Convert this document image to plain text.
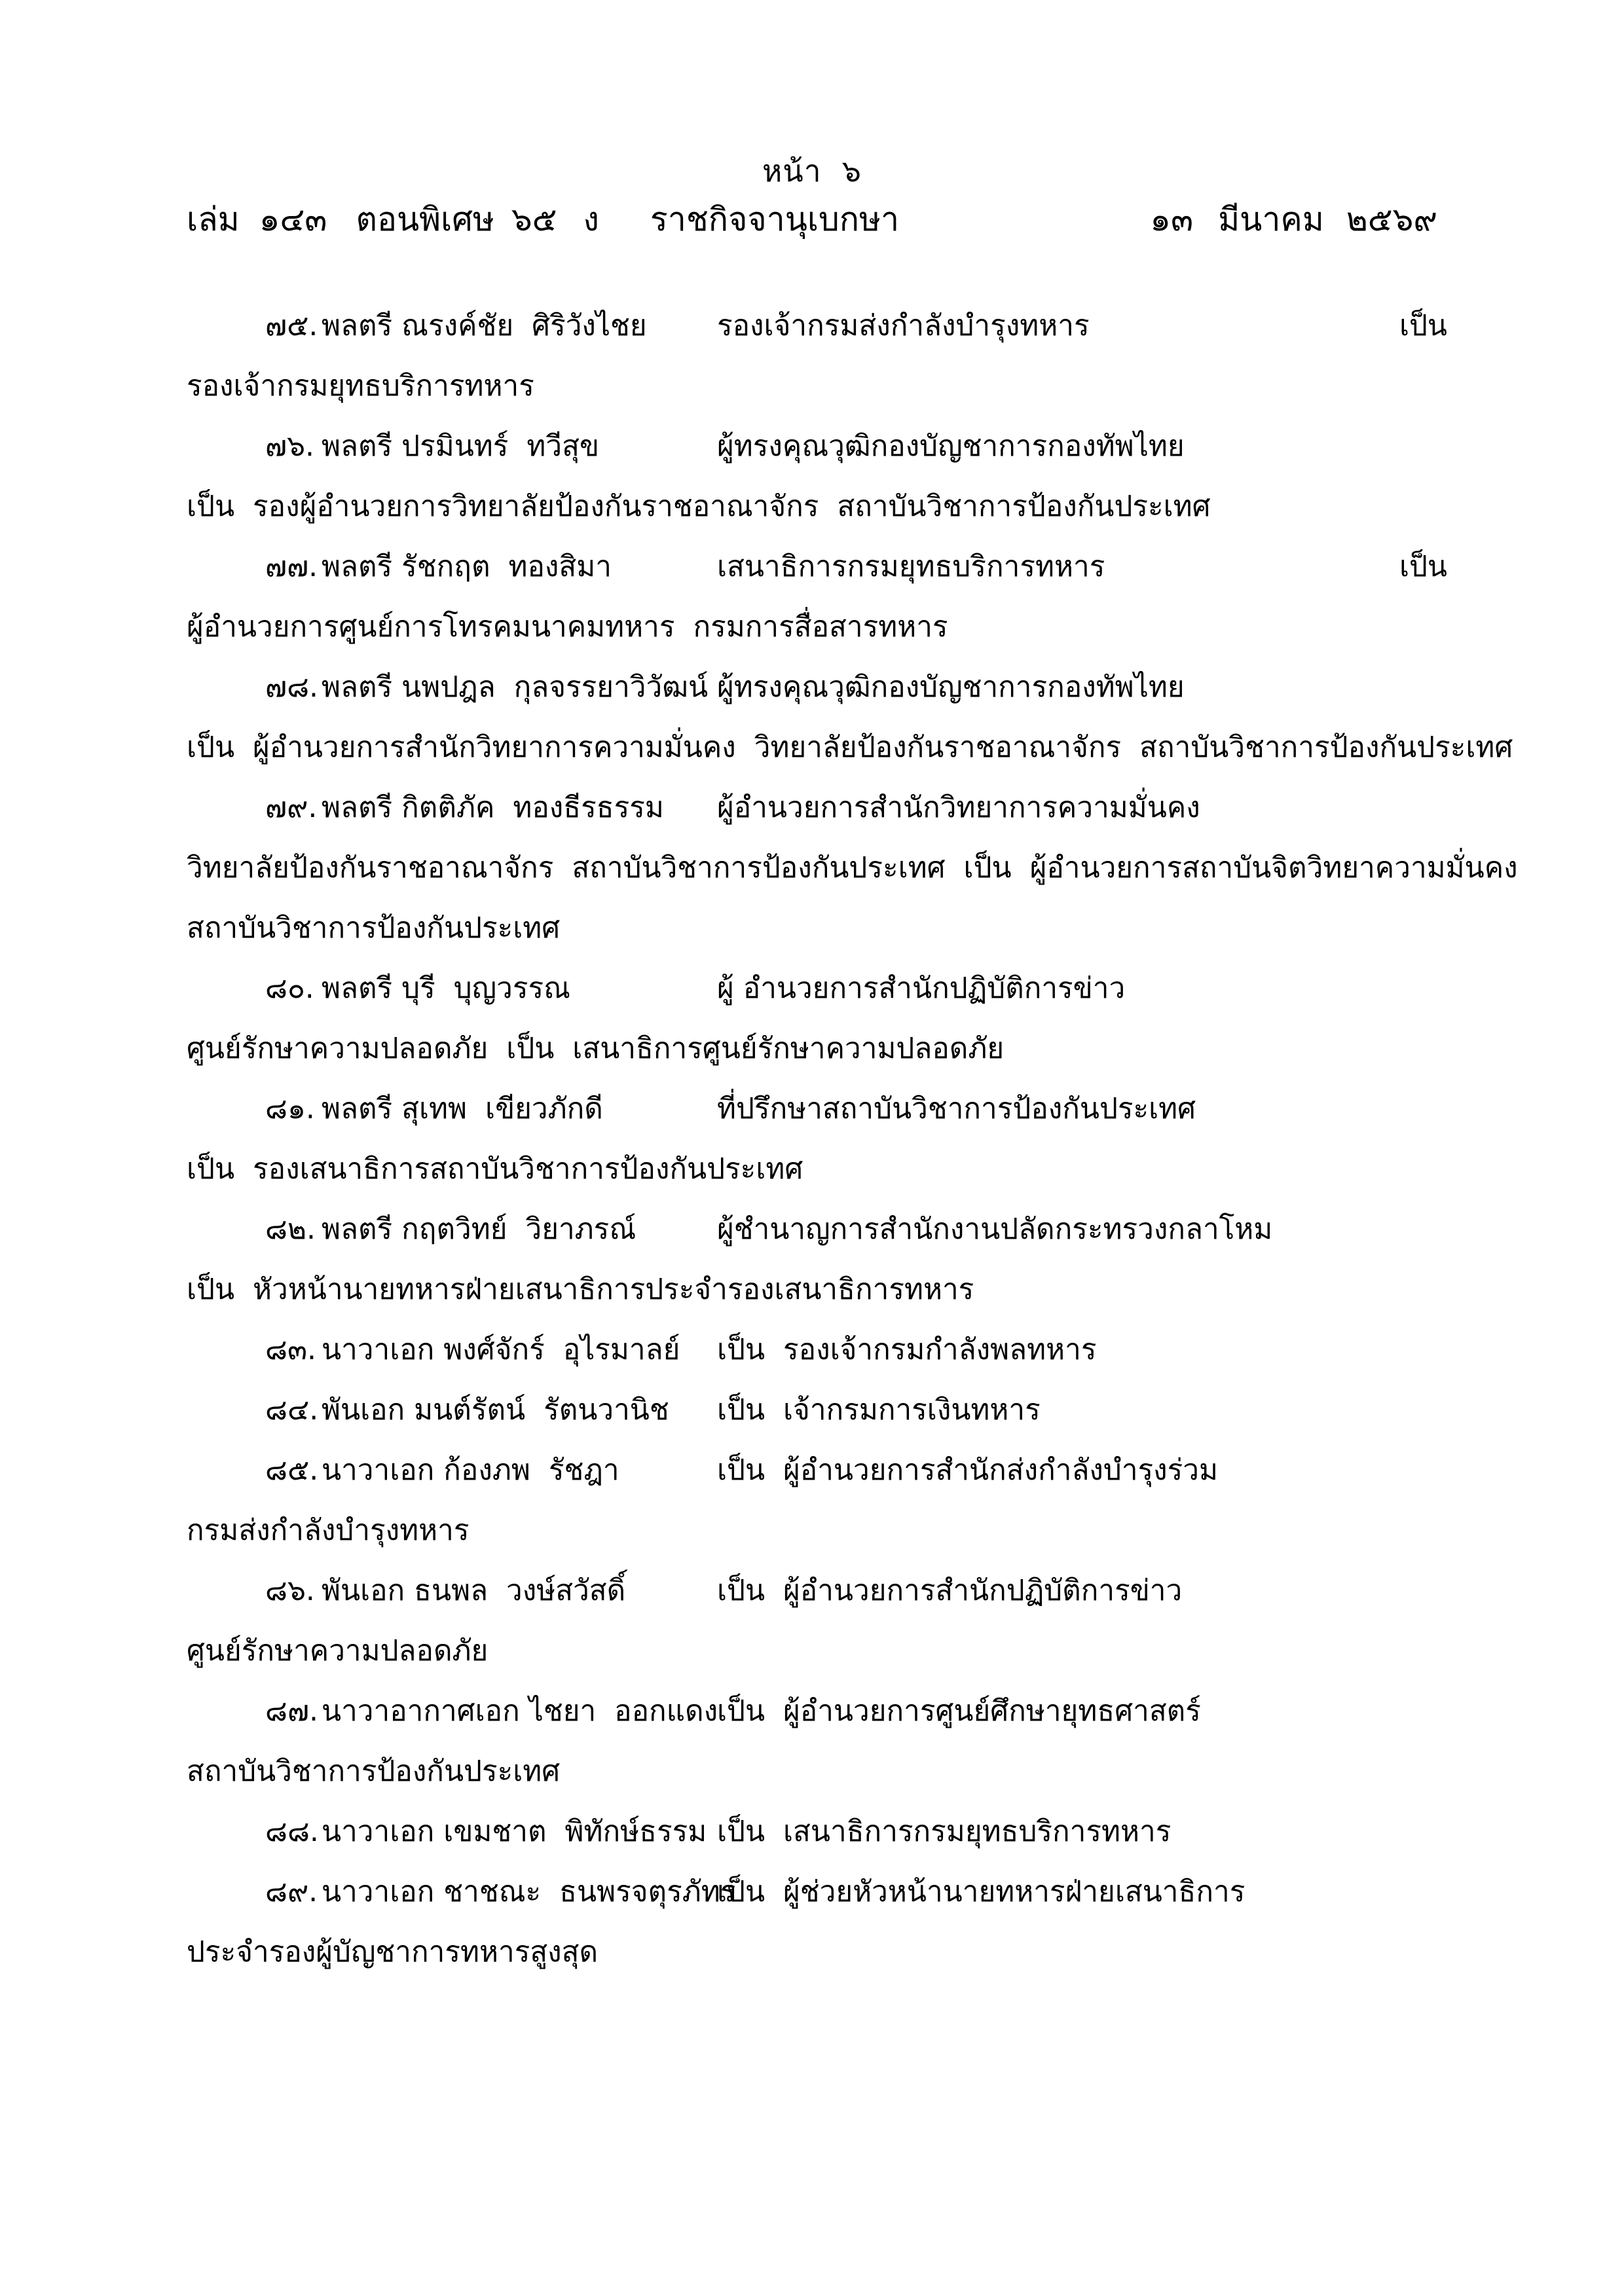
หน้า  ๖
เล่ม ๑๔๓ ตอนพิเศษ ๖๕ ง ราชกิจจานุเบกษา	๑๓ มีนาคม ๒๕๖๙
๗๕. พลตรี ณรงค์ชัย  ศิริวังไชย รองเจ้ากรมส่งกำลังบำรุงทหาร	เป็น
รองเจ้ากรมยุทธบริการทหาร
๗๖. พลตรี ปรมินทร์  ทวีสุข	ผู้ทรงคุณวุฒิกองบัญชาการกองทัพไทย
เป็น  รองผู้อำนวยการวิทยาลัยป้องกันราชอาณาจักร  สถาบันวิชาการป้องกันประเทศ
๗๗. พลตรี รัชกฤต  ทองสิมา	เสนาธิการกรมยุทธบริการทหาร	เป็น
ผู้อำนวยการศูนย์การโทรคมนาคมทหาร  กรมการสื่อสารทหาร
๗๘. พลตรี นพปฎล  กุลจรรยาวิวัฒน์ ผู้ทรงคุณวุฒิกองบัญชาการกองทัพไทย
เป็น  ผู้อำนวยการสำนักวิทยาการความมั่นคง  วิทยาลัยป้องกันราชอาณาจักร  สถาบันวิชาการป้องกันประเทศ
๗๙. พลตรี กิตติภัค  ทองธีรธรรม ผู้อำนวยการสำนักวิทยาการความมั่นคง
วิทยาลัยป้องกันราชอาณาจักร  สถาบันวิชาการป้องกันประเทศ  เป็น  ผู้อำนวยการสถาบันจิตวิทยาความมั่นคง
สถาบันวิชาการป้องกันประเทศ
๘๐. พลตรี บุรี  บุญวรรณ	ผู้ อำนวยการสำนักปฏิบัติการข่าว
ศูนย์รักษาความปลอดภัย  เป็น  เสนาธิการศูนย์รักษาความปลอดภัย
๘๑. พลตรี สุเทพ  เขียวภักดี	ที่ปรึกษาสถาบันวิชาการป้องกันประเทศ
เป็น  รองเสนาธิการสถาบันวิชาการป้องกันประเทศ
๘๒. พลตรี กฤตวิทย์  วิยาภรณ์	ผู้ชำนาญการสำนักงานปลัดกระทรวงกลาโหม
เป็น  หัวหน้านายทหารฝ่ายเสนาธิการประจำรองเสนาธิการทหาร
๘๓. นาวาเอก พงศ์จักร์  อุไรมาลย์ เป็น  รองเจ้ากรมกำลังพลทหาร
๘๔. พันเอก มนต์รัตน์  รัตนวานิช เป็น  เจ้ากรมการเงินทหาร
๘๕. นาวาเอก ก้องภพ  รัชฎา	เป็น  ผู้อำนวยการสำนักส่งกำลังบำรุงร่วม
กรมส่งกำลังบำรุงทหาร
๘๖. พันเอก ธนพล  วงษ์สวัสดิ์	เป็น  ผู้อำนวยการสำนักปฏิบัติการข่าว
ศูนย์รักษาความปลอดภัย
๘๗. นาวาอากาศเอก ไชยา  ออกแดง
เป็น  ผู้อำนวยการศูนย์ศึกษายุทธศาสตร์
สถาบันวิชาการป้องกันประเทศ
๘๘. นาวาเอก เขมชาต  พิทักษ์ธรรม เป็น  เสนาธิการกรมยุทธบริการทหาร
๘๙. นาวาเอก ชาชณะ  ธนพรจตุรภัทร
เป็น  ผู้ช่วยหัวหน้านายทหารฝ่ายเสนาธิการ
ประจำรองผู้บัญชาการทหารสูงสุด
